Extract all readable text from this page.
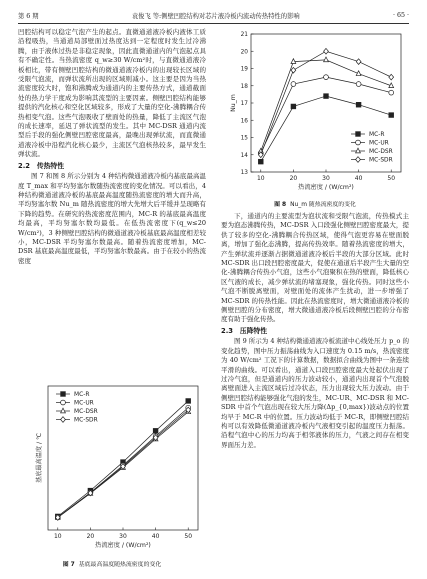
第 6 期	袁俊飞 等:侧壁凹腔结构对芯片液冷板内流动传热特性的影响	· 65 ·

凹腔结构可以稳定气泡产生的起点。直微通道液冷板内液体工质沿程吸热，当通道局部壁面过热度达到一定程度时发生过冷沸腾，由于液体过热是非稳定现象，因此直微通道内的气泡起点具有不确定性。当热流密度 q_w≥30 W/cm²时，与直微通道液冷板相比，带有侧壁凹腔结构的微通道液冷板内的出现较长区域的受限气泡流，而弹状流所出现的区域则减小。这主要是因为当热流密度较大时，饱和沸腾成为通道内的主要传热方式，通道截面处的热力学干度成为影响其流型的主要因素。侧壁凹腔结构能够提供的汽化核心和空化区域较多，形成了大量的空化-沸腾耦合传热相变气泡。这些气泡吸收了壁面处的热量，降低了主流区气泡的成长速率，延迟了弹状流型的发生。其中 MC-DSR 通道内流型后手段的强化侧壁凹腔密度最高，最晚出现弹状流，而直微通道液冷板中沿程汽化核心最少，主流区气泡核热较多，最早发生弹状流。

2.2　传热特性

图 7 和图 8 所示分别为 4 种结构微通道液冷板内基底最高温度 T_max 和平均努塞尔数随热流密度的变化情况。可以看出，4 种结构微通道液冷板的基底最高温度随热流密度的增大而升高，平均努塞尔数 Nu_m 随热流密度的增大先增大后平缓并呈现略有下降的趋势。在研究的热流密度范围内，MC-R 的基底最高温度均最高，平均努塞尔数均最低。在低热流密度下(q_w≤20 W/cm²)，3 种侧壁凹腔结构的微通道液冷板基底最高温度相差较小，MC-DSR 平均努塞尔数最高。随着热流密度增加，MC-DSR 基底最高温度最低，平均努塞尔数最高。由于在较小的热流密度

10	20	30	40	50
热流密度 / (W/cm²)
基底最高温度 / ℃
MC-R
MC-UR
MC-DSR
MC-SDR
图 7 基底最高温度随热流密度的变化
10	20	30	40	50
13
14
15
16
17
18
19
20
21
热流密度 / (W/cm²)
Nu_m
MC-R
MC-UR
MC-DSR
MC-SDR
图 8 Nu_m 随热流密度的变化

下，通道内的主要流型为泡状流和受限气泡流，传热模式主要为泡态沸腾传热，MC-DSR 入口段强化侧壁凹腔密度最大，提供了较多的空化-沸腾耦合传热区域，使得气泡更容易在壁面脱离，增加了强化态沸腾，提高传热效率。随着热流密度的增大，产生弹状流并逐渐占据微通道液冷板后半段的大部分区域。此时 MC-SDR 出口段凹腔密度最大，促使在通道后半段产生大量的空化-沸腾耦合传热小气泡，这些小气泡聚积在热的壁面，降低核心区气液的成长，减少弹状流的堵塞现象，强化传热。同时这些小气泡不断脱离壁面，对壁面处的流体产生扰动，进一步增强了 MC-SDR 的传热性能。因此在热流密度时，增大微通道液冷板的侧壁凹腔的分布密度，增大微通道液冷板后段侧壁凹腔的分布密度有助于强化传热。

2.3　压降特性

图 9 所示为 4 种结构微通道液冷板流道中心线处压力 p_o 的变化趋势，图中压力振荡曲线为入口速度为 0.15 m/s，热流密度为 40 W/cm² 工况下的计算数据，数据拟合曲线为图中一条连续平滑的曲线。可以看出，通道入口段凹腔密度最大处起伏出现了过冷气泡，但是通道内的压力波动较小，通道内出现首个气泡脱离壁面进入主流区域后过冷状态，压力出现较大压力波动。由于侧壁凹腔结构能够强化气泡的发生，MC-UR、MC-DSR 和 MC-SDR 中首个气泡出现在较大压力降(Δp_{0,max})波动点的位置均早于 MC-R 中的位置。压力波动均低于 MC-R，即侧壁凹腔结构可以有效降低微通道液冷板内气液相变引起的温度压力振荡。沿程气泡中心的压力均高于相邻液体的压力，气液之间存在相变界面压力差。
